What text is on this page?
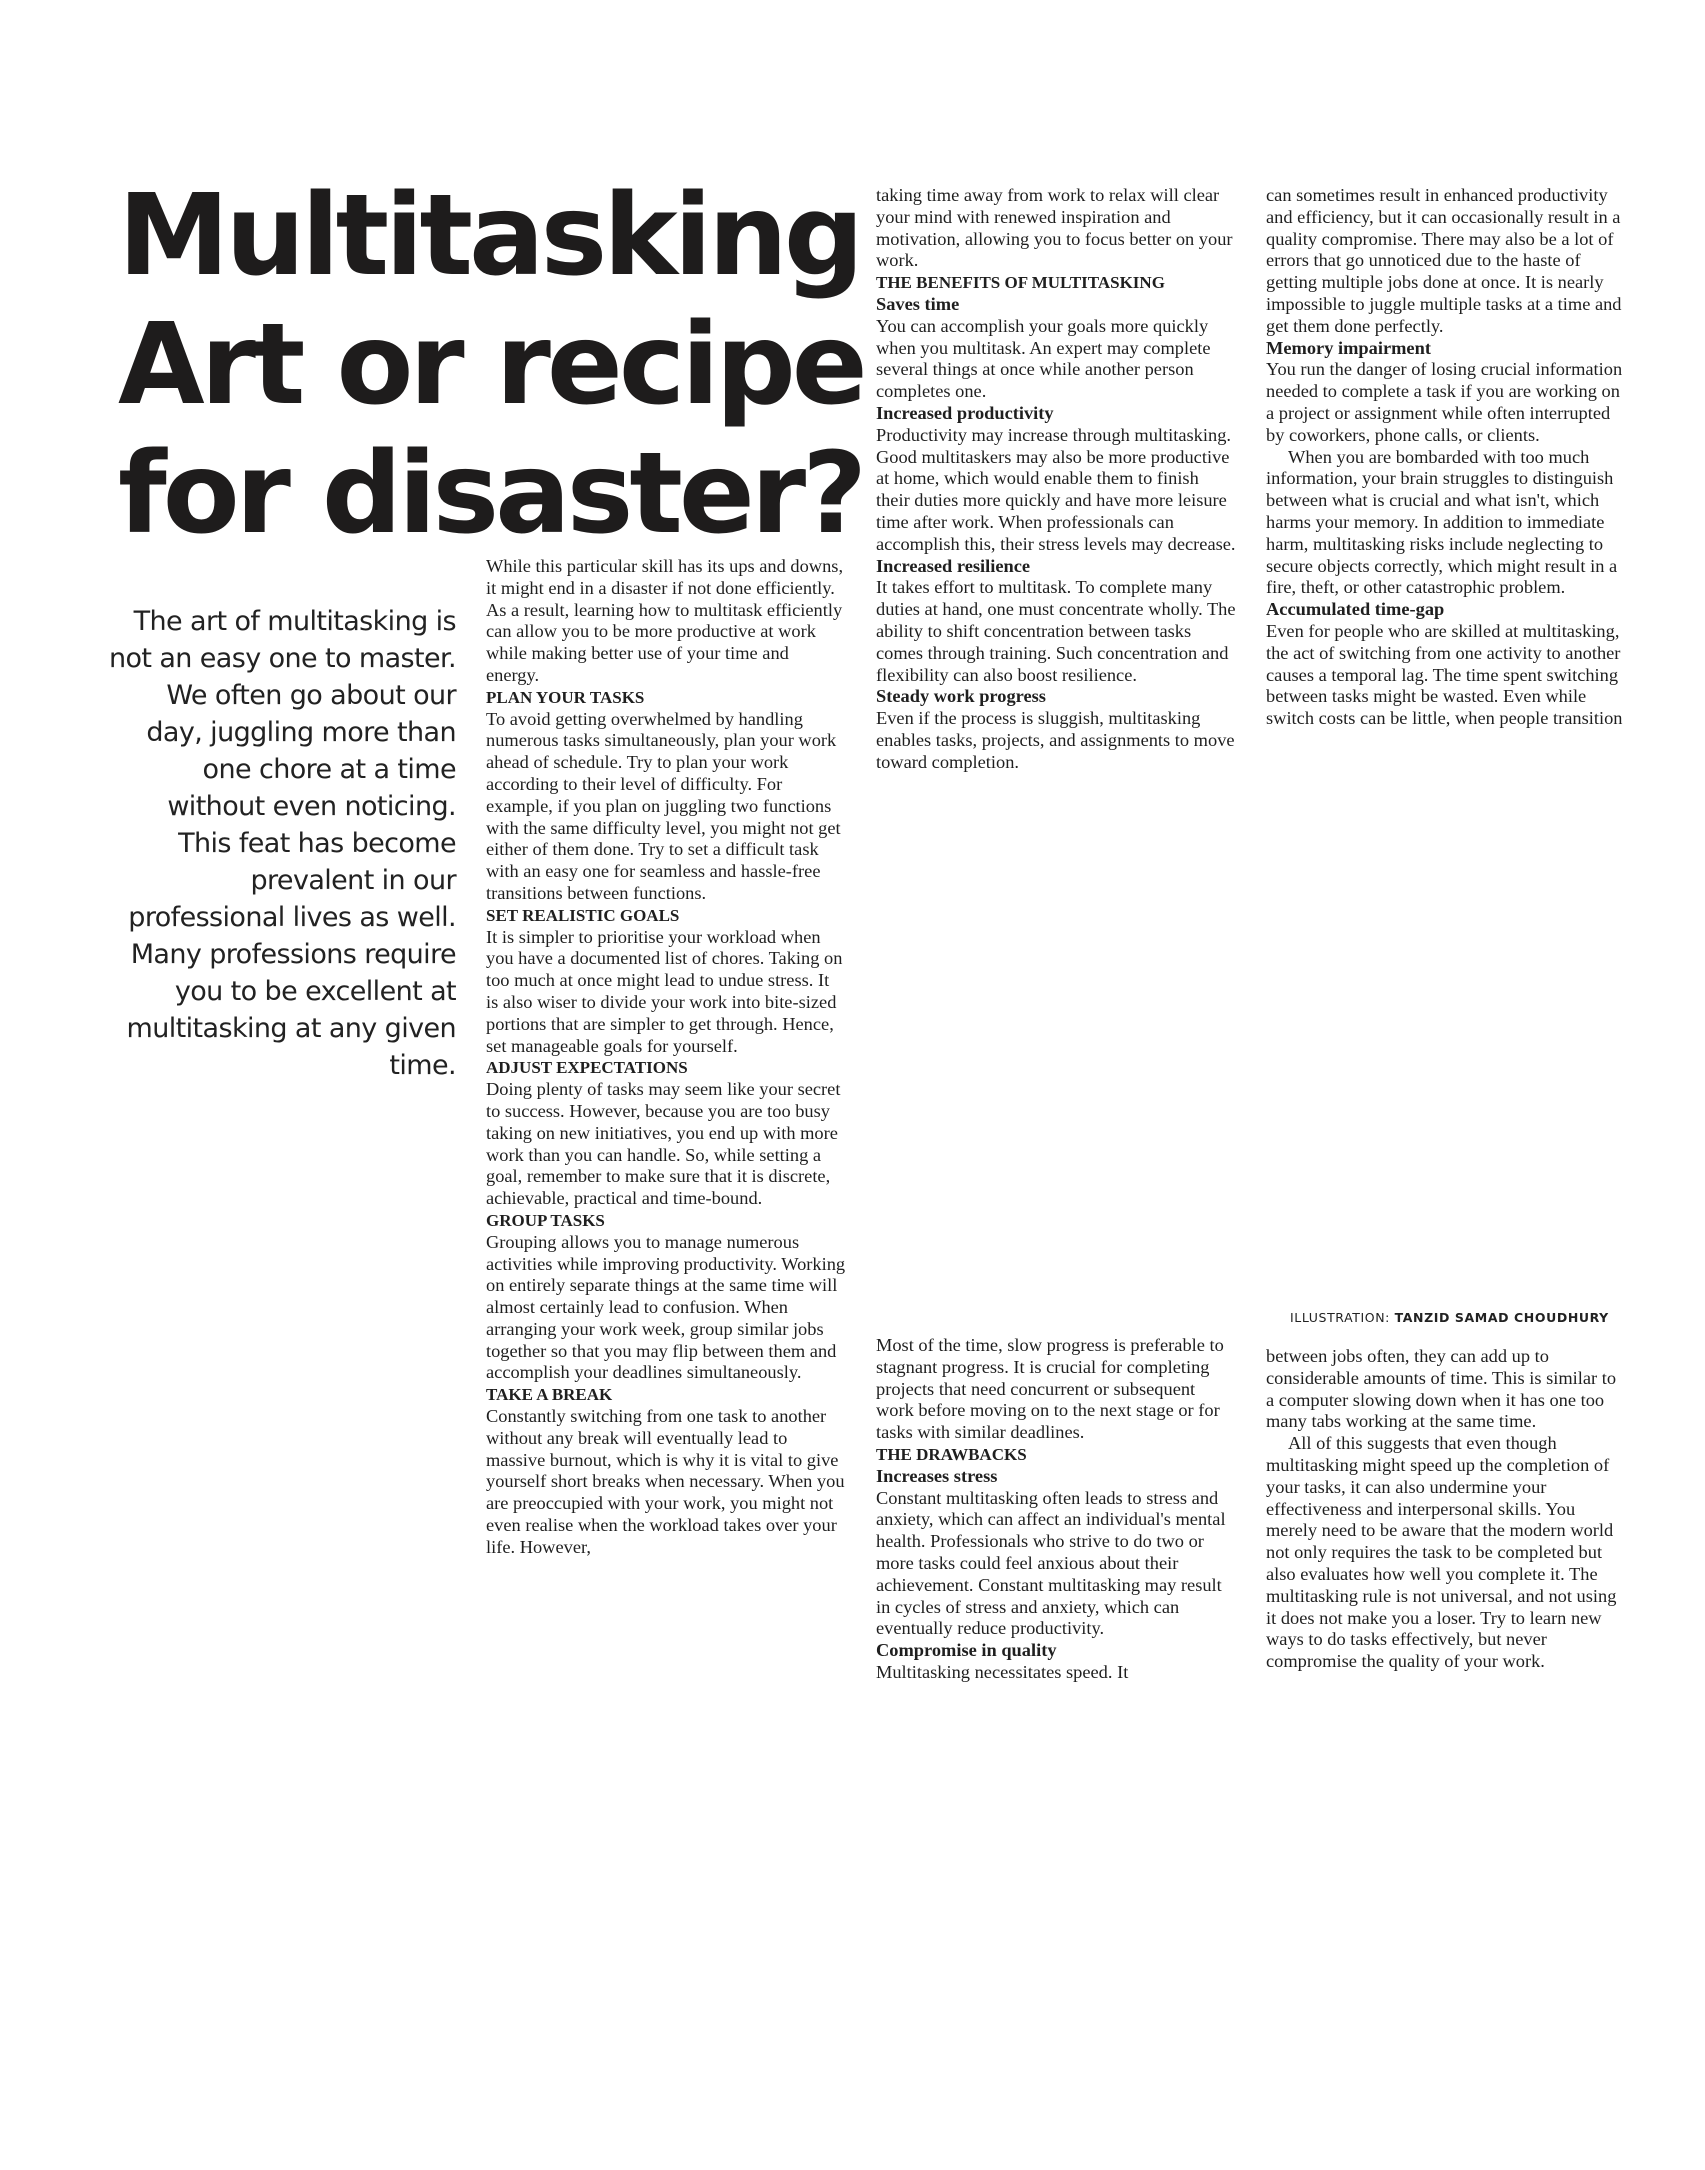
Multitasking
Art or recipe
for disaster?
The art of multitasking is not an easy one to master. We often go about our day, juggling more than one chore at a time without even noticing. This feat has become prevalent in our professional lives as well. Many professions require you to be excellent at multitasking at any given time.

While this particular skill has its ups and downs, it might end in a disaster if not done efficiently. As a result, learning how to multitask efficiently can allow you to be more productive at work while making better use of your time and energy.

PLAN YOUR TASKS

To avoid getting overwhelmed by handling numerous tasks simultaneously, plan your work ahead of schedule. Try to plan your work according to their level of difficulty. For example, if you plan on juggling two functions with the same difficulty level, you might not get either of them done. Try to set a difficult task with an easy one for seamless and hassle-free transitions between functions.

SET REALISTIC GOALS

It is simpler to prioritise your workload when you have a documented list of chores. Taking on too much at once might lead to undue stress. It is also wiser to divide your work into bite-sized portions that are simpler to get through. Hence, set manageable goals for yourself.

ADJUST EXPECTATIONS

Doing plenty of tasks may seem like your secret to success. However, because you are too busy taking on new initiatives, you end up with more work than you can handle. So, while setting a goal, remember to make sure that it is discrete, achievable, practical and time-bound.

GROUP TASKS

Grouping allows you to manage numerous activities while improving productivity. Working on entirely separate things at the same time will almost certainly lead to confusion. When arranging your work week, group similar jobs together so that you may flip between them and accomplish your deadlines simultaneously.

TAKE A BREAK

Constantly switching from one task to another without any break will eventually lead to massive burnout, which is why it is vital to give yourself short breaks when necessary. When you are preoccupied with your work, you might not even realise when the workload takes over your life. However,

taking time away from work to relax will clear your mind with renewed inspiration and motivation, allowing you to focus better on your work.

THE BENEFITS OF MULTITASKING

Saves time

You can accomplish your goals more quickly when you multitask. An expert may complete several things at once while another person completes one.

Increased productivity

Productivity may increase through multitasking. Good multitaskers may also be more productive at home, which would enable them to finish their duties more quickly and have more leisure time after work. When professionals can accomplish this, their stress levels may decrease.

Increased resilience

It takes effort to multitask. To complete many duties at hand, one must concentrate wholly. The ability to shift concentration between tasks comes through training. Such concentration and flexibility can also boost resilience.

Steady work progress

Even if the process is sluggish, multitasking enables tasks, projects, and assignments to move toward completion.

can sometimes result in enhanced productivity and efficiency, but it can occasionally result in a quality compromise. There may also be a lot of errors that go unnoticed due to the haste of getting multiple jobs done at once. It is nearly impossible to juggle multiple tasks at a time and get them done perfectly.

Memory impairment

You run the danger of losing crucial information needed to complete a task if you are working on a project or assignment while often interrupted by coworkers, phone calls, or clients.

When you are bombarded with too much information, your brain struggles to distinguish between what is crucial and what isn't, which harms your memory. In addition to immediate harm, multitasking risks include neglecting to secure objects correctly, which might result in a fire, theft, or other catastrophic problem.

Accumulated time-gap

Even for people who are skilled at multitasking, the act of switching from one activity to another causes a temporal lag. The time spent switching between tasks might be wasted. Even while switch costs can be little, when people transition

ILLUSTRATION: TANZID SAMAD CHOUDHURY

Most of the time, slow progress is preferable to stagnant progress. It is crucial for completing projects that need concurrent or subsequent work before moving on to the next stage or for tasks with similar deadlines.

THE DRAWBACKS

Increases stress

Constant multitasking often leads to stress and anxiety, which can affect an individual's mental health. Professionals who strive to do two or more tasks could feel anxious about their achievement. Constant multitasking may result in cycles of stress and anxiety, which can eventually reduce productivity.

Compromise in quality

Multitasking necessitates speed. It

between jobs often, they can add up to considerable amounts of time. This is similar to a computer slowing down when it has one too many tabs working at the same time.

All of this suggests that even though multitasking might speed up the completion of your tasks, it can also undermine your effectiveness and interpersonal skills. You merely need to be aware that the modern world not only requires the task to be completed but also evaluates how well you complete it. The multitasking rule is not universal, and not using it does not make you a loser. Try to learn new ways to do tasks effectively, but never compromise the quality of your work.
